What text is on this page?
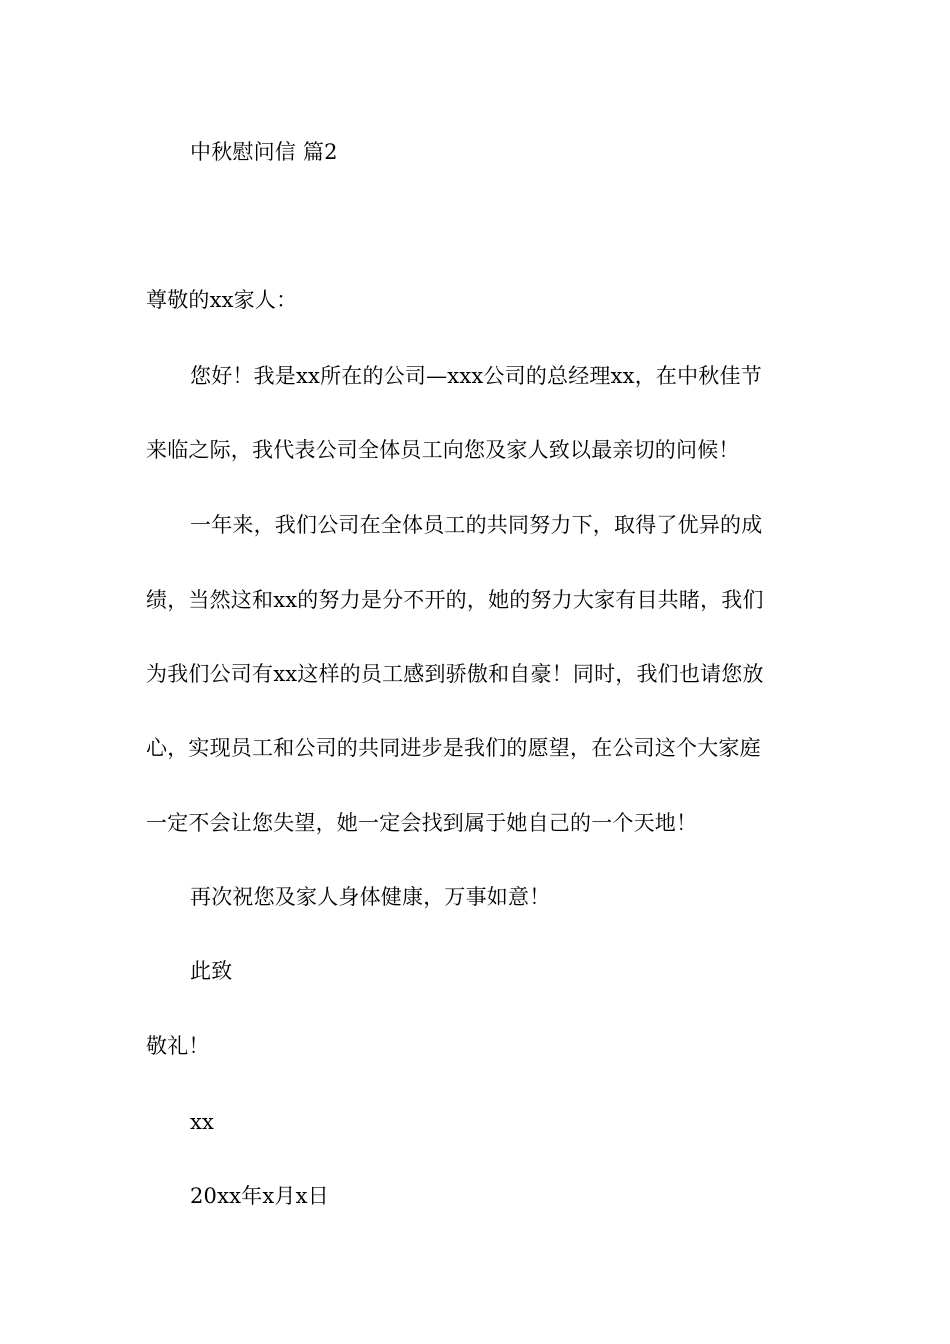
中秋慰问信 篇2
尊敬的xx家人：
您好！我是xx所在的公司—xxx公司的总经理xx，在中秋佳节
来临之际，我代表公司全体员工向您及家人致以最亲切的问候！
一年来，我们公司在全体员工的共同努力下，取得了优异的成
绩，当然这和xx的努力是分不开的，她的努力大家有目共睹，我们
为我们公司有xx这样的员工感到骄傲和自豪！同时，我们也请您放
心，实现员工和公司的共同进步是我们的愿望，在公司这个大家庭
一定不会让您失望，她一定会找到属于她自己的一个天地！
再次祝您及家人身体健康，万事如意！
此致
敬礼！
xx
20xx年x月x日
